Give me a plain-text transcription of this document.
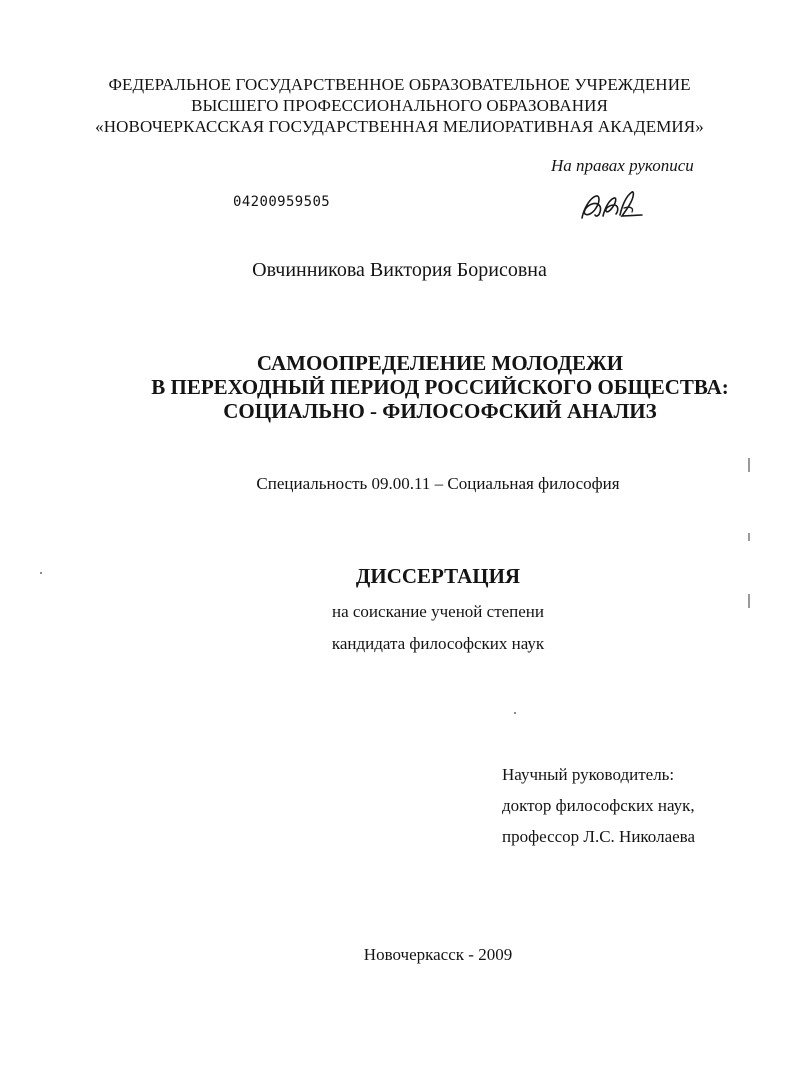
ФЕДЕРАЛЬНОЕ ГОСУДАРСТВЕННОЕ ОБРАЗОВАТЕЛЬНОЕ УЧРЕЖДЕНИЕ
ВЫСШЕГО ПРОФЕССИОНАЛЬНОГО ОБРАЗОВАНИЯ
«НОВОЧЕРКАССКАЯ ГОСУДАРСТВЕННАЯ МЕЛИОРАТИВНАЯ АКАДЕМИЯ»
На правах рукописи
04200959505
Овчинникова Виктория Борисовна
САМООПРЕДЕЛЕНИЕ МОЛОДЕЖИ
В ПЕРЕХОДНЫЙ ПЕРИОД РОССИЙСКОГО ОБЩЕСТВА:
СОЦИАЛЬНО - ФИЛОСОФСКИЙ АНАЛИЗ
Специальность 09.00.11 – Социальная философия
ДИССЕРТАЦИЯ
на соискание ученой степени
кандидата философских наук
Научный руководитель:
доктор философских наук,
профессор Л.С. Николаева
Новочеркасск - 2009
